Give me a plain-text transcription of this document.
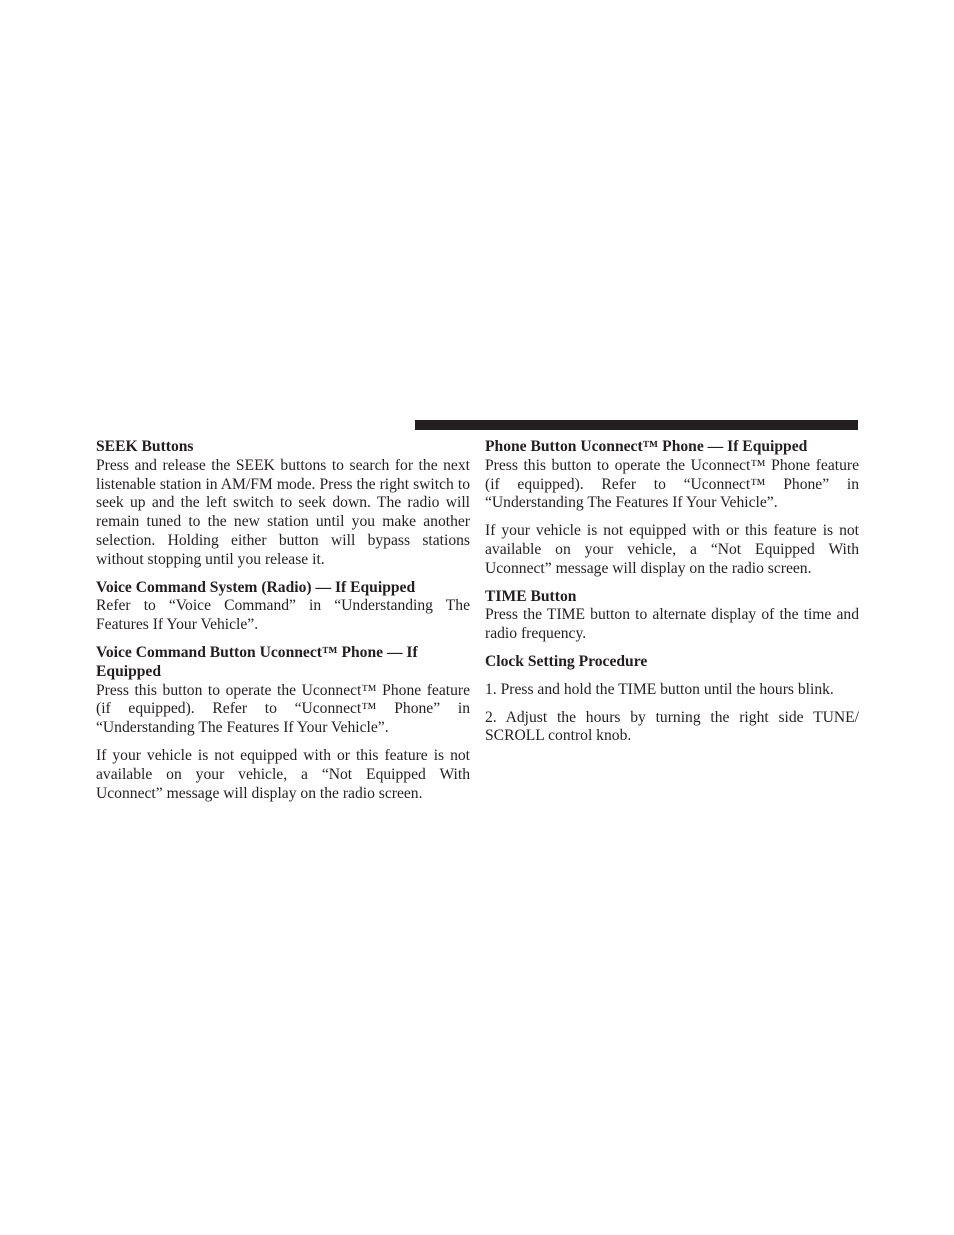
SEEK Buttons

Press and release the SEEK buttons to search for the next listenable station in AM/FM mode. Press the right switch to seek up and the left switch to seek down. The radio will remain tuned to the new station until you make another selection. Holding either button will bypass stations without stopping until you release it.

Voice Command System (Radio) — If Equipped

Refer to “Voice Command” in “Understanding The Features If Your Vehicle”.

Voice Command Button Uconnect™ Phone — If Equipped

Press this button to operate the Uconnect™ Phone feature (if equipped). Refer to “Uconnect™ Phone” in “Understanding The Features If Your Vehicle”.

If your vehicle is not equipped with or this feature is not available on your vehicle, a “Not Equipped With Uconnect” message will display on the radio screen.

Phone Button Uconnect™ Phone — If Equipped

Press this button to operate the Uconnect™ Phone feature (if equipped). Refer to “Uconnect™ Phone” in “Understanding The Features If Your Vehicle”.

If your vehicle is not equipped with or this feature is not available on your vehicle, a “Not Equipped With Uconnect” message will display on the radio screen.

TIME Button

Press the TIME button to alternate display of the time and radio frequency.

Clock Setting Procedure

1. Press and hold the TIME button until the hours blink.

2. Adjust the hours by turning the right side TUNE/ SCROLL control knob.
